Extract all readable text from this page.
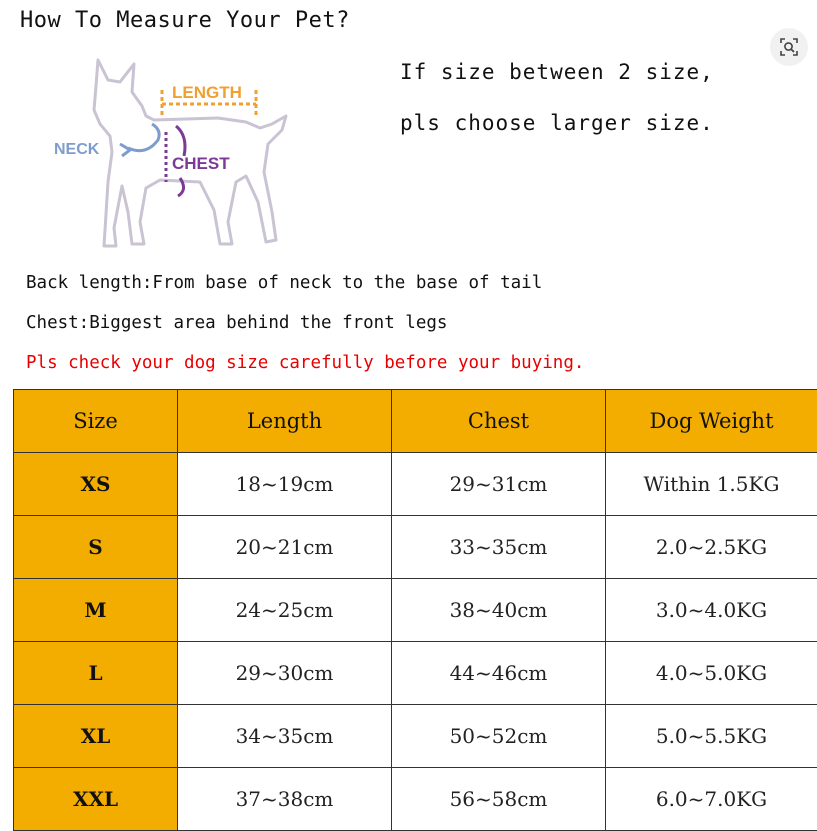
How To Measure Your Pet?
LENGTH
NECK
CHEST
If size between 2 size,
pls choose larger size.
Back length:From base of neck to the base of tail
Chest:Biggest area behind the front legs
Pls check your dog size carefully before your buying.
Size	Length	Chest	Dog Weight
XS	18~19cm	29~31cm	Within 1.5KG
S	20~21cm	33~35cm	2.0~2.5KG
M	24~25cm	38~40cm	3.0~4.0KG
L	29~30cm	44~46cm	4.0~5.0KG
XL	34~35cm	50~52cm	5.0~5.5KG
XXL	37~38cm	56~58cm	6.0~7.0KG
